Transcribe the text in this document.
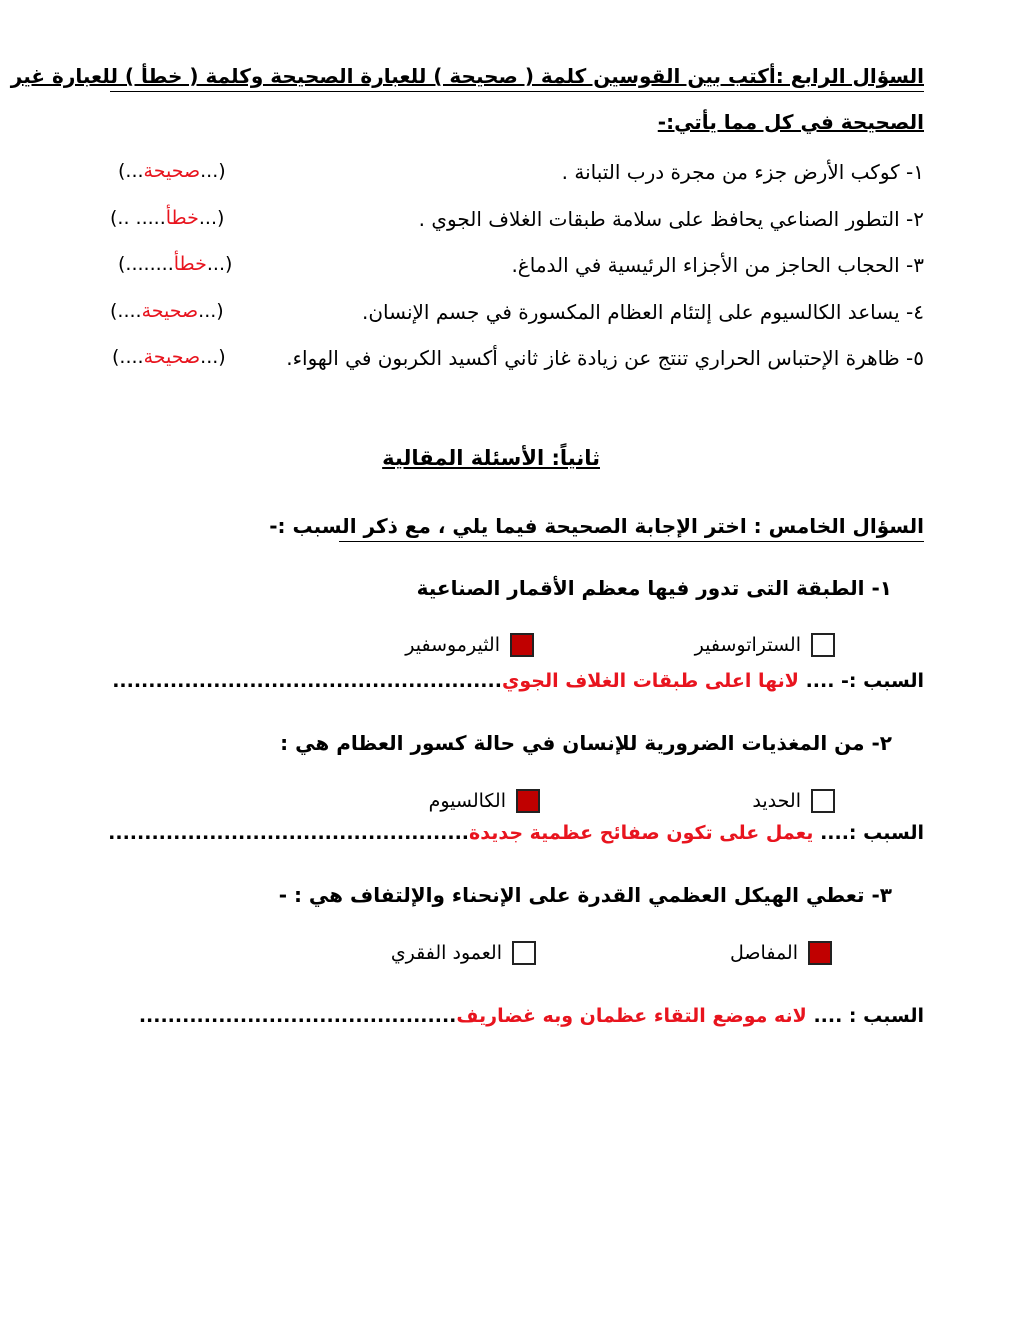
السؤال الرابع :أكتب بين القوسين كلمة ( صحيحة ) للعبارة الصحيحة وكلمة ( خطأ ) للعبارة غير
الصحيحة في كل مما يأتي:-
١- كوكب الأرض جزء من مجرة درب التبانة .
(...صحيحة...)
٢- التطور الصناعي يحافظ على سلامة طبقات الغلاف الجوي .
(...خطأ..... ..)
٣- الحجاب الحاجز من الأجزاء الرئيسية في الدماغ.
(...خطأ........)
٤- يساعد الكالسيوم على إلتئام العظام المكسورة في جسم الإنسان.
(...صحيحة....)
٥- ظاهرة الإحتباس الحراري تنتج عن زيادة غاز ثاني أكسيد الكربون في الهواء.
(...صحيحة....)
ثانياً: الأسئلة المقالية
السؤال الخامس : اختر الإجابة الصحيحة فيما يلي ، مع ذكر السبب :-
١- الطبقة التى تدور فيها معظم الأقمار الصناعية
الستراتوسفير
الثيرموسفير
السبب :- .... لانها اعلى طبقات الغلاف الجوي......................................................
٢- من المغذيات الضرورية للإنسان في حالة كسور العظام هي :
الحديد
الكالسيوم
السبب :.... يعمل على تكون صفائح عظمية جديدة..................................................
٣- تعطي الهيكل العظمي القدرة على الإنحناء والإلتفاف هي : -
المفاصل
العمود الفقري
السبب : .... لانه موضع التقاء عظمان وبه غضاريف............................................
